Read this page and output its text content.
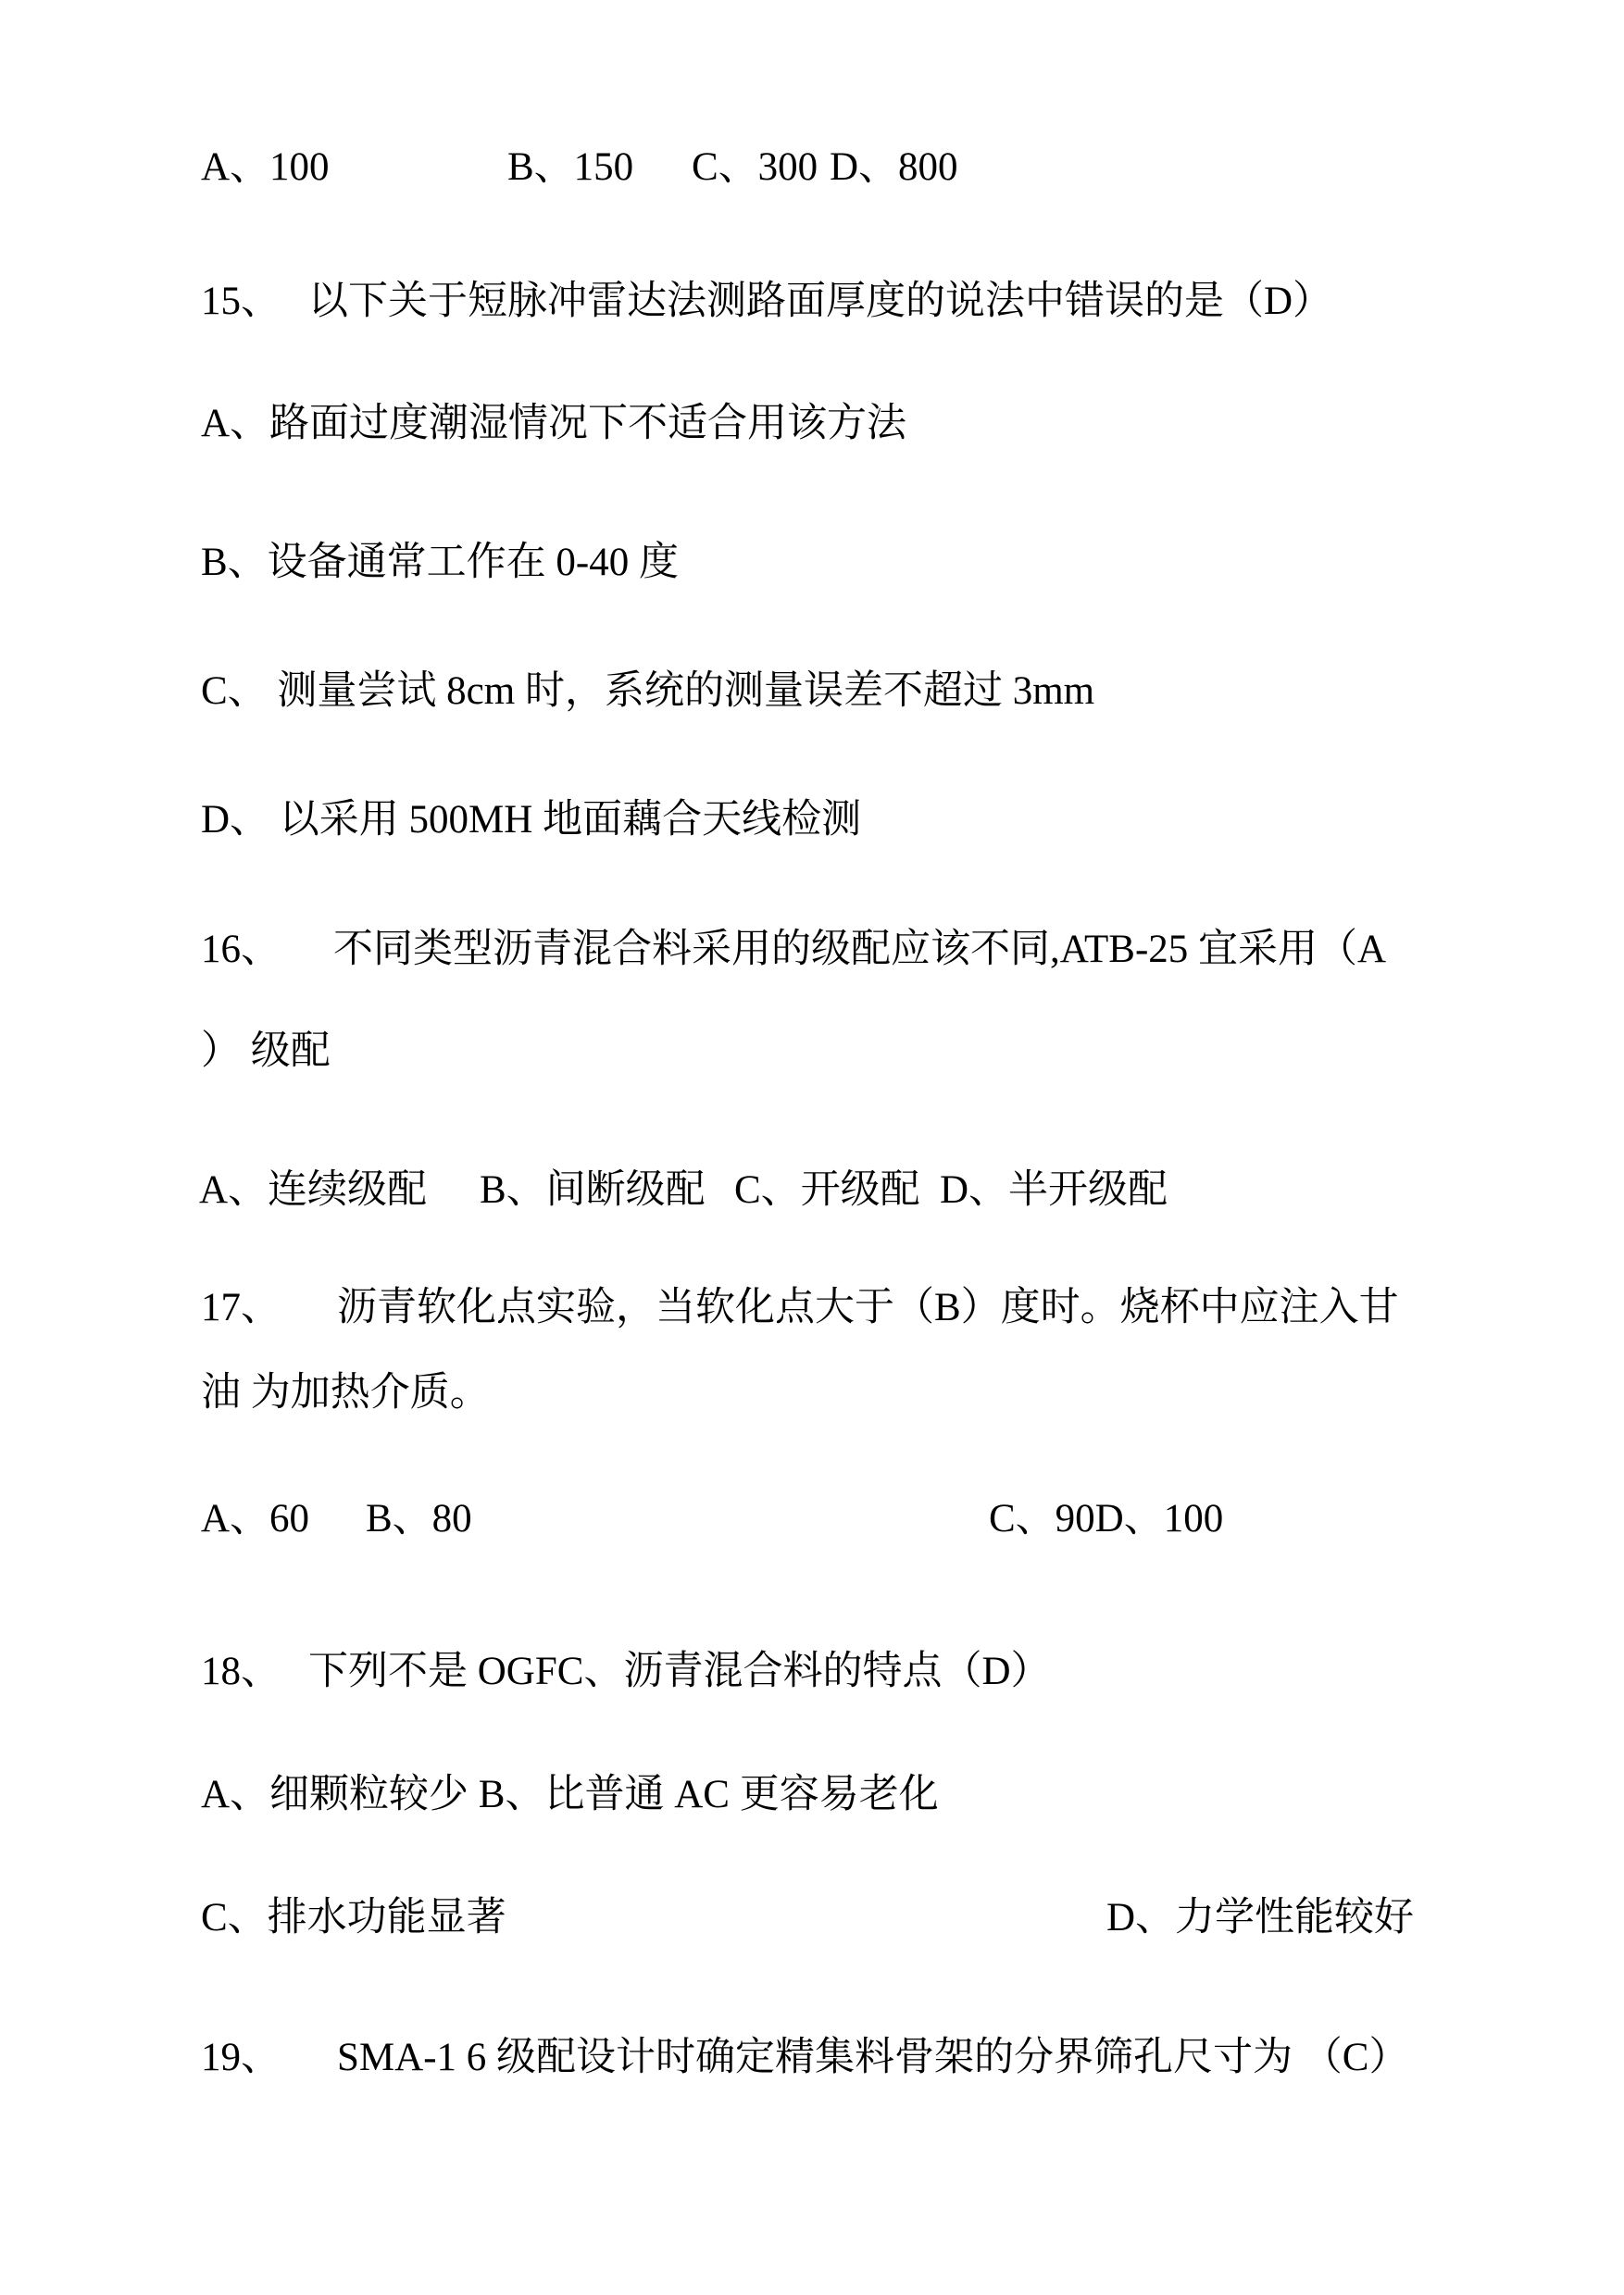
A、100	B、150 C、300 D、800
15、 以下关于短脉冲雷达法测路面厚度的说法中错误的是（D）
A、路面过度潮湿情况下不适合用该方法
B、设备通常工作在 0-40 度
C、 测量尝试 8cm 时，系统的测量误差不超过 3mm
D、 以采用 500MH 地面藕合天线检测
16、 不同类型沥青混合料采用的级配应该不同,ATB-25 宜采用（A
） 级配
A、连续级配 B、间断级配 C、开级配 D、半开级配
17、 沥青软化点实验，当软化点大于（B）度时。烧杯中应注入甘
油 为加热介质。
A、60 B、80	C、90D、100
18、 下列不是 OGFC、沥青混合料的特点（D）
A、细颗粒较少 B、比普通 AC 更容易老化
C、排水功能显著	D、力学性能较好
19、 SMA-1 6 级配设计时确定精集料骨架的分界筛孔尺寸为 （C）
